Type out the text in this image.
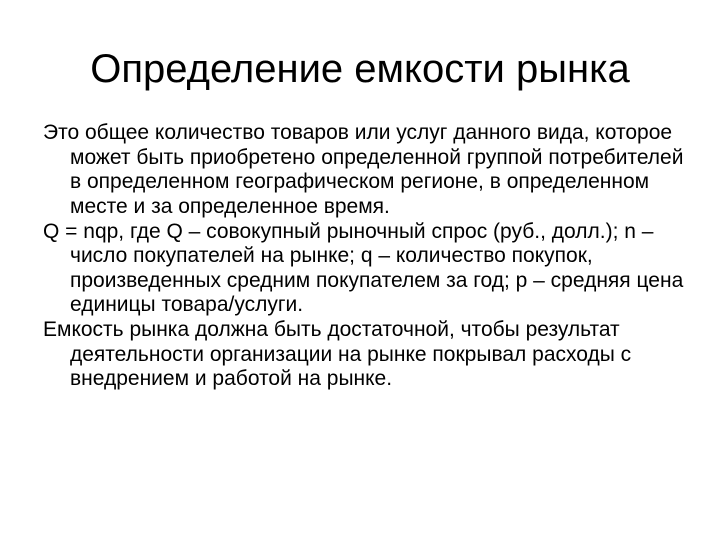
Определение емкости рынка
Это общее количество товаров или услуг данного вида, которое может быть приобретено определенной группой потребителей в определенном географическом регионе, в определенном месте и за определенное время.
Q = nqp, где Q – совокупный рыночный спрос (руб., долл.); n – число покупателей на рынке; q – количество покупок, произведенных средним покупателем за год; p – средняя цена единицы товара/услуги.
Емкость рынка должна быть достаточной, чтобы результат деятельности организации на рынке покрывал расходы с внедрением и работой на рынке.
